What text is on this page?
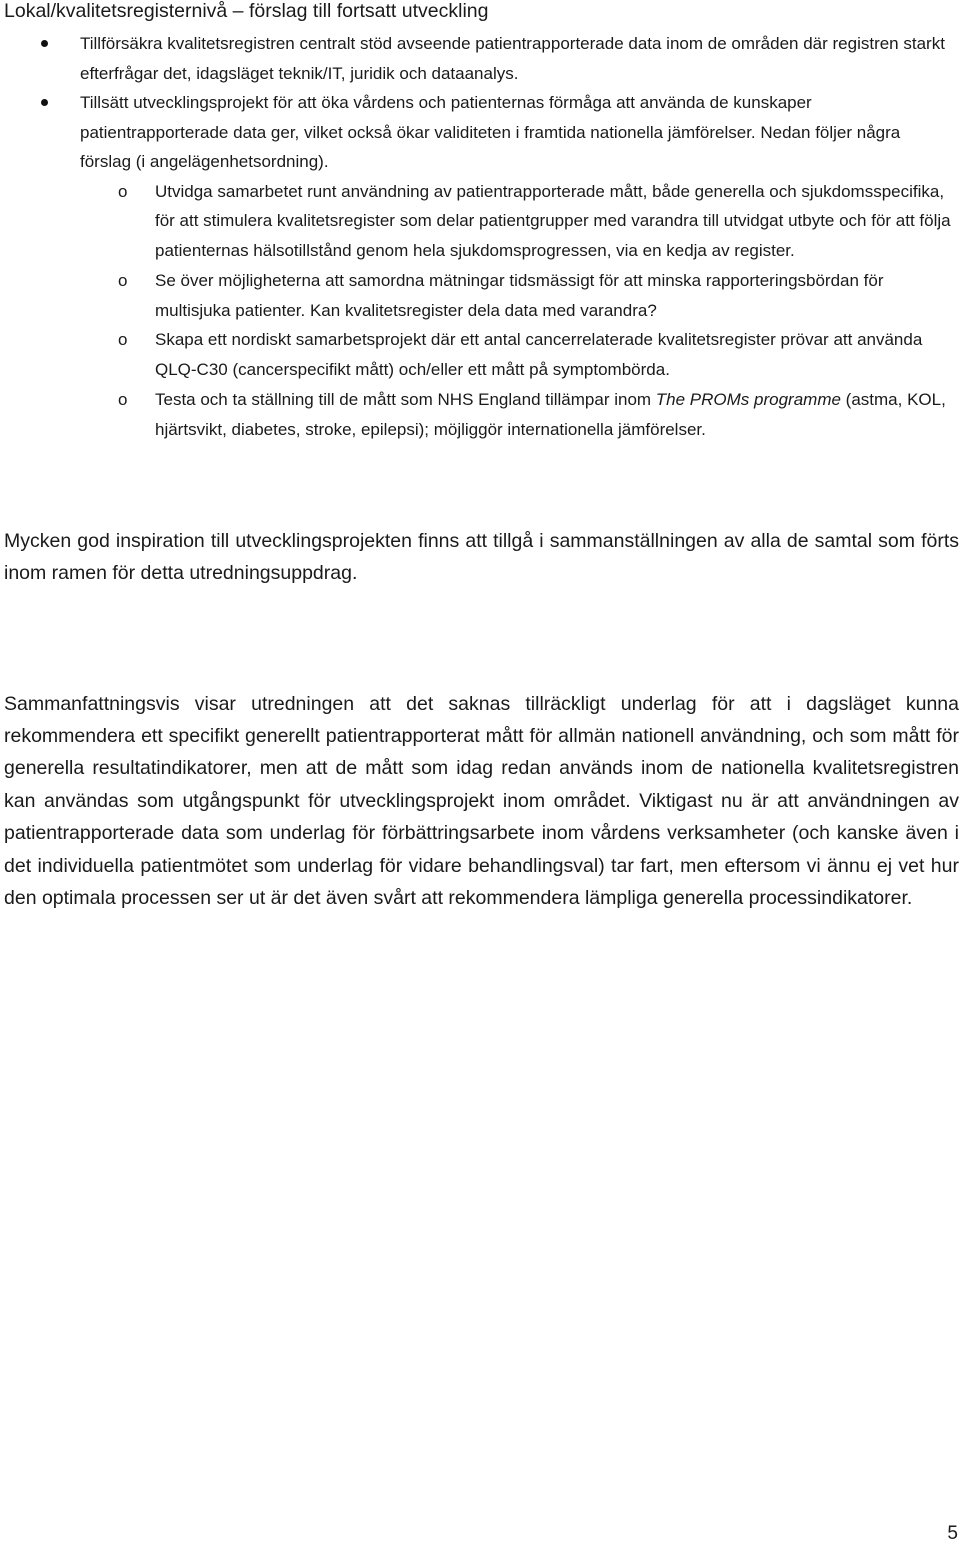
Lokal/kvalitetsregisternivå – förslag till fortsatt utveckling
Tillförsäkra kvalitetsregistren centralt stöd avseende patientrapporterade data inom de områden där registren starkt efterfrågar det, idagsläget teknik/IT, juridik och dataanalys.
Tillsätt utvecklingsprojekt för att öka vårdens och patienternas förmåga att använda de kunskaper patientrapporterade data ger, vilket också ökar validiteten i framtida nationella jämförelser. Nedan följer några förslag (i angelägenhetsordning).
o Utvidga samarbetet runt användning av patientrapporterade mått, både generella och sjukdomsspecifika, för att stimulera kvalitetsregister som delar patientgrupper med varandra till utvidgat utbyte och för att följa patienternas hälsotillstånd genom hela sjukdomsprogressen, via en kedja av register.
o Se över möjligheterna att samordna mätningar tidsmässigt för att minska rapporteringsbördan för multisjuka patienter. Kan kvalitetsregister dela data med varandra?
o Skapa ett nordiskt samarbetsprojekt där ett antal cancerrelaterade kvalitetsregister prövar att använda QLQ-C30 (cancerspecifikt mått) och/eller ett mått på symptombörda.
o Testa och ta ställning till de mått som NHS England tillämpar inom The PROMs programme (astma, KOL, hjärtsvikt, diabetes, stroke, epilepsi); möjliggör internationella jämförelser.

Mycken god inspiration till utvecklingsprojekten finns att tillgå i sammanställningen av alla de samtal som förts inom ramen för detta utredningsuppdrag.

Sammanfattningsvis visar utredningen att det saknas tillräckligt underlag för att i dagsläget kunna rekommendera ett specifikt generellt patientrapporterat mått för allmän nationell användning, och som mått för generella resultatindikatorer, men att de mått som idag redan används inom de nationella kvalitetsregistren kan användas som utgångspunkt för utvecklingsprojekt inom området. Viktigast nu är att användningen av patientrapporterade data som underlag för förbättringsarbete inom vårdens verksamheter (och kanske även i det individuella patientmötet som underlag för vidare behandlingsval) tar fart, men eftersom vi ännu ej vet hur den optimala processen ser ut är det även svårt att rekommendera lämpliga generella processindikatorer.

5
